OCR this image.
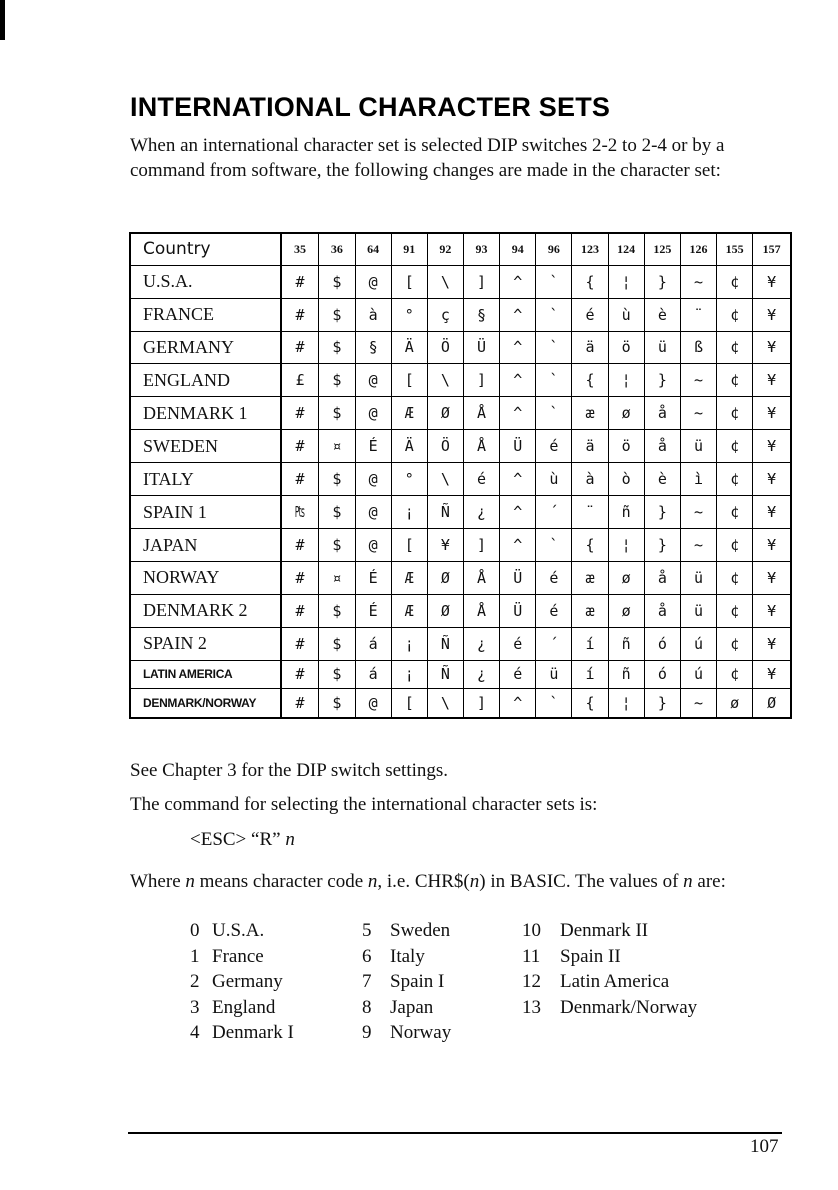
INTERNATIONAL CHARACTER SETS

When an international character set is selected DIP switches 2-2 to 2-4 or by a command from software, the following changes are made in the character set:

Country	35	36	64	91	92	93	94	96	123	124	125	126	155	157
U.S.A.	#	$	@	[	\	]	^	`	{	¦	}	~	¢	¥
FRANCE	#	$	à	°	ç	§	^	`	é	ù	è	¨	¢	¥
GERMANY	#	$	§	Ä	Ö	Ü	^	`	ä	ö	ü	ß	¢	¥
ENGLAND	£	$	@	[	\	]	^	`	{	¦	}	~	¢	¥
DENMARK 1	#	$	@	Æ	Ø	Å	^	`	æ	ø	å	~	¢	¥
SWEDEN	#	¤	É	Ä	Ö	Å	Ü	é	ä	ö	å	ü	¢	¥
ITALY	#	$	@	°	\	é	^	ù	à	ò	è	ì	¢	¥
SPAIN 1	₧	$	@	¡	Ñ	¿	^	´	¨	ñ	}	~	¢	¥
JAPAN	#	$	@	[	¥	]	^	`	{	¦	}	~	¢	¥
NORWAY	#	¤	É	Æ	Ø	Å	Ü	é	æ	ø	å	ü	¢	¥
DENMARK 2	#	$	É	Æ	Ø	Å	Ü	é	æ	ø	å	ü	¢	¥
SPAIN 2	#	$	á	¡	Ñ	¿	é	´	í	ñ	ó	ú	¢	¥
LATIN AMERICA	#	$	á	¡	Ñ	¿	é	ü	í	ñ	ó	ú	¢	¥
DENMARK/NORWAY	#	$	@	[	\	]	^	`	{	¦	}	~	ø	Ø

See Chapter 3 for the DIP switch settings.

The command for selecting the international character sets is:

<ESC> “R” n

Where n means character code n, i.e. CHR$(n) in BASIC. The values of n are:

0 U.S.A.
1 France
2 Germany
3 England
4 Denmark I
5 Sweden
6 Italy
7 Spain I
8 Japan
9 Norway
10 Denmark II
11 Spain II
12 Latin America
13 Denmark/Norway

107
